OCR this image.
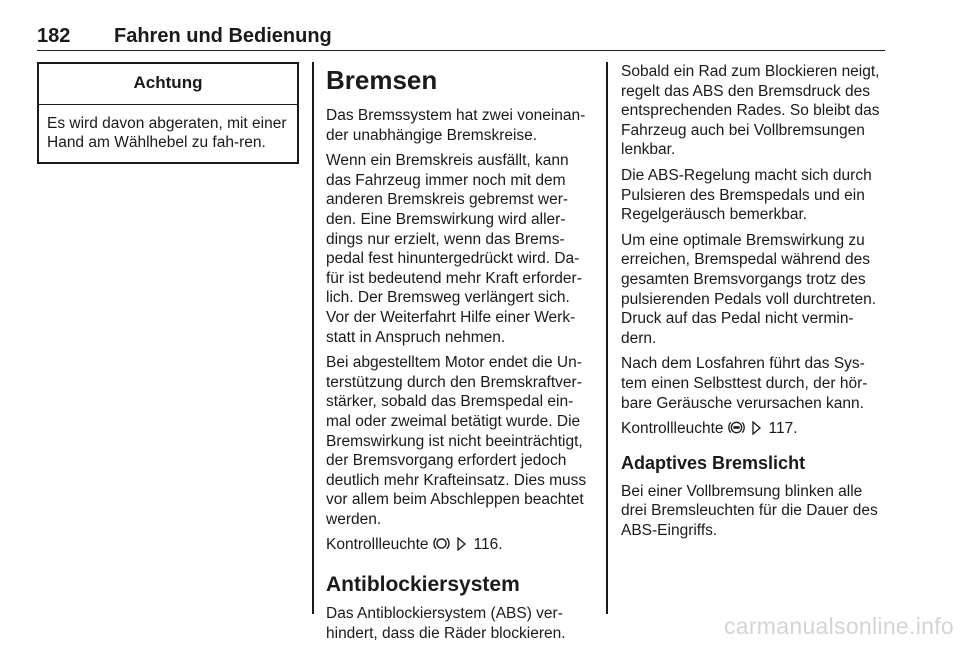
182 Fahren und Bedienung
Achtung
Es wird davon abgeraten, mit einer Hand am Wählhebel zu fah-ren.
Bremsen

Das Bremssystem hat zwei voneinan-der unabhängige Bremskreise.

Wenn ein Bremskreis ausfällt, kann das Fahrzeug immer noch mit dem anderen Bremskreis gebremst wer-den. Eine Bremswirkung wird aller-dings nur erzielt, wenn das Brems-pedal fest hinuntergedrückt wird. Da-für ist bedeutend mehr Kraft erforder-lich. Der Bremsweg verlängert sich. Vor der Weiterfahrt Hilfe einer Werk-statt in Anspruch nehmen.

Bei abgestelltem Motor endet die Un-terstützung durch den Bremskraftver-stärker, sobald das Bremspedal ein-mal oder zweimal betätigt wurde. Die Bremswirkung ist nicht beeinträchtigt, der Bremsvorgang erfordert jedoch deutlich mehr Krafteinsatz. Dies muss vor allem beim Abschleppen beachtet werden.

Kontrollleuchte	116.

Antiblockiersystem

Das Antiblockiersystem (ABS) ver-hindert, dass die Räder blockieren.

Sobald ein Rad zum Blockieren neigt, regelt das ABS den Bremsdruck des entsprechenden Rades. So bleibt das Fahrzeug auch bei Vollbremsungen lenkbar.

Die ABS-Regelung macht sich durch Pulsieren des Bremspedals und ein Regelgeräusch bemerkbar.

Um eine optimale Bremswirkung zu erreichen, Bremspedal während des gesamten Bremsvorgangs trotz des pulsierenden Pedals voll durchtreten. Druck auf das Pedal nicht vermin-dern.

Nach dem Losfahren führt das Sys-tem einen Selbsttest durch, der hör-bare Geräusche verursachen kann.

Kontrollleuchte	117.

Adaptives Bremslicht

Bei einer Vollbremsung blinken alle drei Bremsleuchten für die Dauer des ABS-Eingriffs.

carmanualsonline.info
